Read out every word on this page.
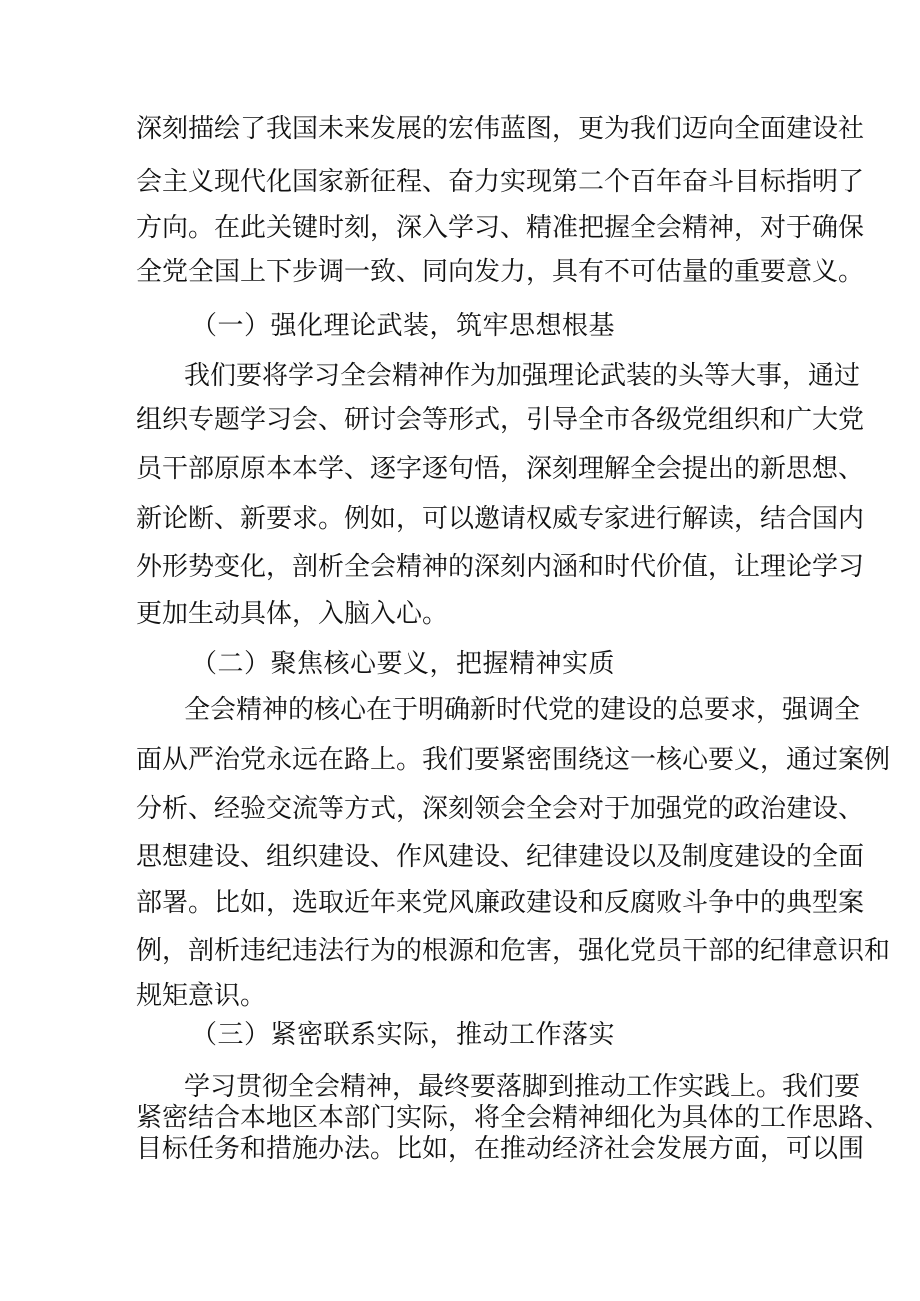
深刻描绘了我国未来发展的宏伟蓝图，更为我们迈向全面建设社
会主义现代化国家新征程、奋力实现第二个百年奋斗目标指明了
方向。在此关键时刻，深入学习、精准把握全会精神，对于确保
全党全国上下步调一致、同向发力，具有不可估量的重要意义。
（一）强化理论武装，筑牢思想根基
我们要将学习全会精神作为加强理论武装的头等大事，通过
组织专题学习会、研讨会等形式，引导全市各级党组织和广大党
员干部原原本本学、逐字逐句悟，深刻理解全会提出的新思想、
新论断、新要求。例如，可以邀请权威专家进行解读，结合国内
外形势变化，剖析全会精神的深刻内涵和时代价值，让理论学习
更加生动具体，入脑入心。
（二）聚焦核心要义，把握精神实质
全会精神的核心在于明确新时代党的建设的总要求，强调全
面从严治党永远在路上。我们要紧密围绕这一核心要义，通过案例
分析、经验交流等方式，深刻领会全会对于加强党的政治建设、
思想建设、组织建设、作风建设、纪律建设以及制度建设的全面
部署。比如，选取近年来党风廉政建设和反腐败斗争中的典型案
例，剖析违纪违法行为的根源和危害，强化党员干部的纪律意识和
规矩意识。
（三）紧密联系实际，推动工作落实
学习贯彻全会精神，最终要落脚到推动工作实践上。我们要
紧密结合本地区本部门实际，将全会精神细化为具体的工作思路、
目标任务和措施办法。比如，在推动经济社会发展方面，可以围
